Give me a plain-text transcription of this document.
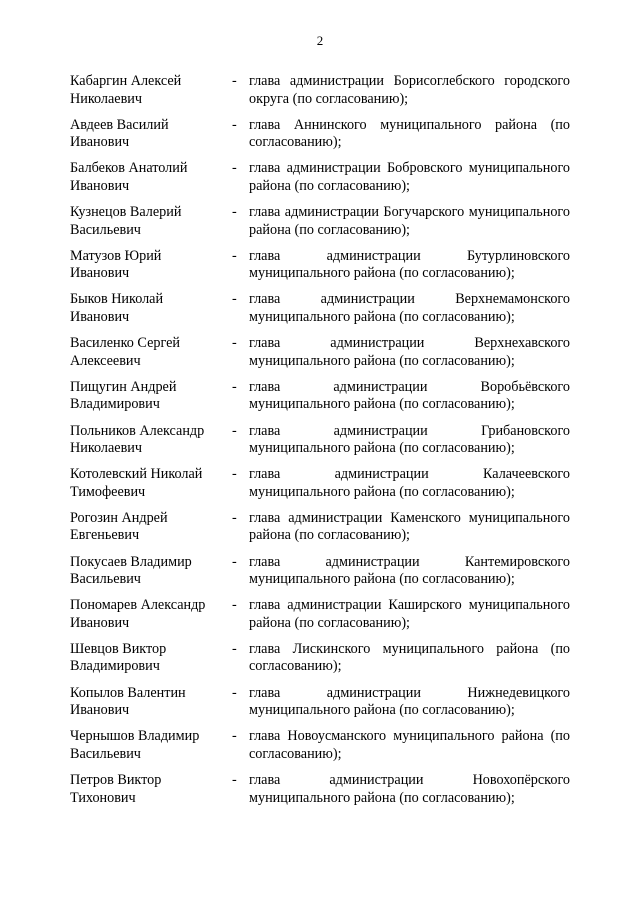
2
Кабаргин Алексей
Николаевич
- глава администрации Борисоглебского городского округа (по согласованию);
Авдеев Василий
Иванович
- глава Аннинского муниципального района (по согласованию);
Балбеков Анатолий
Иванович
- глава администрации Бобровского муниципального района (по согласованию);
Кузнецов Валерий
Васильевич
- глава администрации Богучарского муниципального района (по согласованию);
Матузов Юрий
Иванович
- глава администрации Бутурлиновского муниципального района (по согласованию);
Быков Николай
Иванович
- глава администрации Верхнемамонского муниципального района (по согласованию);
Василенко Сергей
Алексеевич
- глава администрации Верхнехавского муниципального района (по согласованию);
Пищугин Андрей
Владимирович
- глава администрации Воробьёвского муниципального района (по согласованию);
Польников Александр
Николаевич
- глава администрации Грибановского муниципального района (по согласованию);
Котолевский Николай
Тимофеевич
- глава администрации Калачеевского муниципального района (по согласованию);
Рогозин Андрей
Евгеньевич
- глава администрации Каменского муниципального района (по согласованию);
Покусаев Владимир
Васильевич
- глава администрации Кантемировского муниципального района (по согласованию);
Пономарев Александр
Иванович
- глава администрации Каширского муниципального района (по согласованию);
Шевцов Виктор
Владимирович
- глава Лискинского муниципального района (по согласованию);
Копылов Валентин
Иванович
- глава администрации Нижнедевицкого муниципального района (по согласованию);
Чернышов Владимир
Васильевич
- глава Новоусманского муниципального района (по согласованию);
Петров Виктор
Тихонович
- глава администрации Новохопёрского муниципального района (по согласованию);
